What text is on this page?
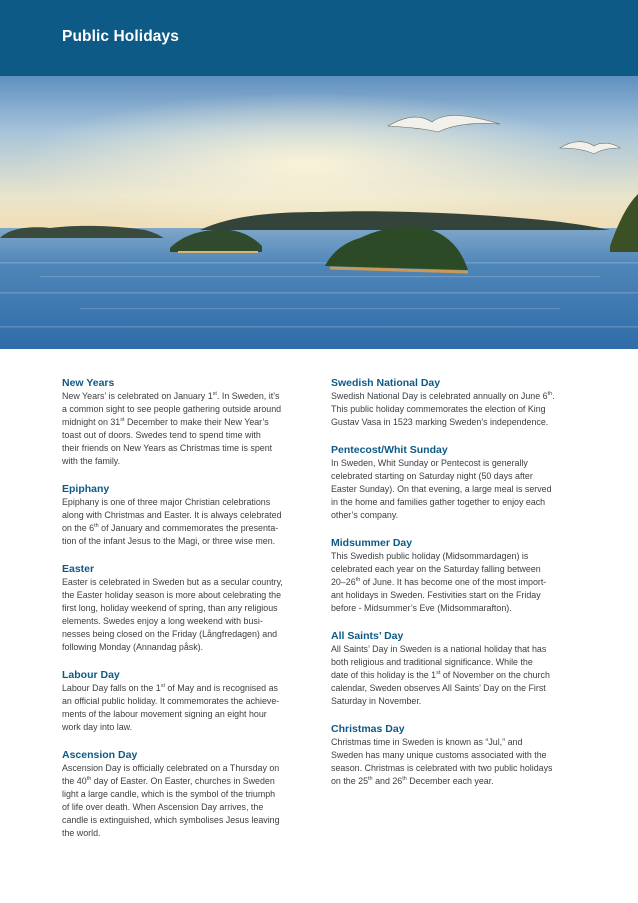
Public Holidays
New Years

New Years’ is celebrated on January 1st. In Sweden, it’s

a common sight to see people gathering outside around

midnight on 31st December to make their New Year’s

toast out of doors. Swedes tend to spend time with

their friends on New Years as Christmas time is spent

with the family.

Epiphany

Epiphany is one of three major Christian celebrations

along with Christmas and Easter. It is always celebrated

on the 6th of January and commemorates the presenta-

tion of the infant Jesus to the Magi, or three wise men.

Easter

Easter is celebrated in Sweden but as a secular country,

the Easter holiday season is more about celebrating the

first long, holiday weekend of spring, than any religious

elements. Swedes enjoy a long weekend with busi-

nesses being closed on the Friday (Långfredagen) and

following Monday (Annandag påsk).

Labour Day

Labour Day falls on the 1st of May and is recognised as

an official public holiday. It commemorates the achieve-

ments of the labour movement signing an eight hour

work day into law.

Ascension Day

Ascension Day is officially celebrated on a Thursday on

the 40th day of Easter. On Easter, churches in Sweden

light a large candle, which is the symbol of the triumph

of life over death. When Ascension Day arrives, the

candle is extinguished, which symbolises Jesus leaving

the world.

Swedish National Day

Swedish National Day is celebrated annually on June 6th.

This public holiday commemorates the election of King

Gustav Vasa in 1523 marking Sweden’s independence.

Pentecost/Whit Sunday

In Sweden, Whit Sunday or Pentecost is generally

celebrated starting on Saturday night (50 days after

Easter Sunday). On that evening, a large meal is served

in the home and families gather together to enjoy each

other’s company.

Midsummer Day

This Swedish public holiday (Midsommardagen) is

celebrated each year on the Saturday falling between

20–26th of June. It has become one of the most import-

ant holidays in Sweden. Festivities start on the Friday

before - Midsummer’s Eve (Midsommarafton).

All Saints’ Day

All Saints’ Day in Sweden is a national holiday that has

both religious and traditional significance. While the

date of this holiday is the 1st of November on the church

calendar, Sweden observes All Saints’ Day on the First

Saturday in November.

Christmas Day

Christmas time in Sweden is known as “Jul,” and

Sweden has many unique customs associated with the

season. Christmas is celebrated with two public holidays

on the 25th and 26th December each year.
